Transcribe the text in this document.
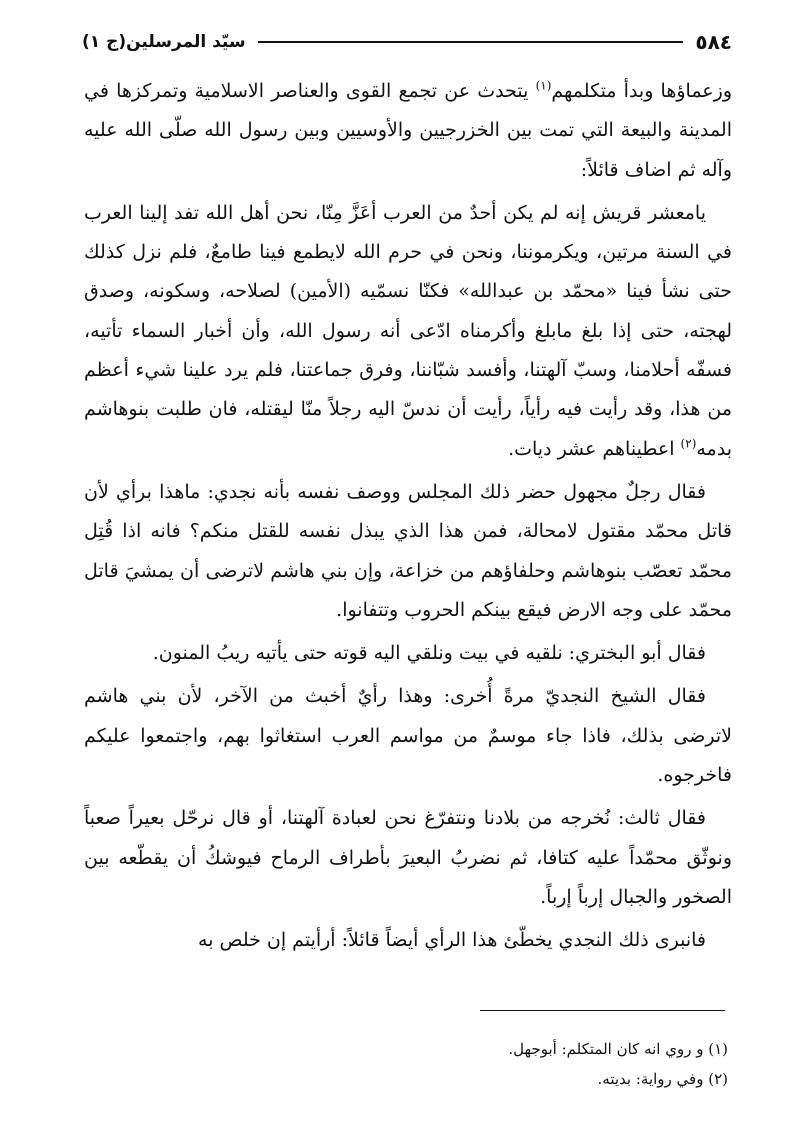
٥٨٤
سيّد المرسلين(ج ١)

وزعماؤها وبدأ متكلمهم$^{(١)}$ يتحدث عن تجمع القوى والعناصر الاسلامية وتمركزها في المدينة والبيعة التي تمت بين الخزرجيين والأوسيين وبين رسول الله صلّى الله عليه وآله ثم اضاف قائلاً:

يامعشر قريش إنه لم يكن أحدٌ من العرب أعَزَّ مِنّا، نحن أهل الله تفد إلينا العرب في السنة مرتين، ويكرموننا، ونحن في حرم الله لايطمع فينا طامعٌ، فلم نزل كذلك حتى نشأ فينا «محمّد بن عبدالله» فكنّا نسمّيه (الأمين) لصلاحه، وسكونه، وصدق لهجته، حتى إذا بلغ مابلغ وأكرمناه ادّعى أنه رسول الله، وأن أخبار السماء تأتيه، فسفّه أحلامنا، وسبّ آلهتنا، وأفسد شبّاننا، وفرق جماعتنا، فلم يرد علينا شيء أعظم من هذا، وقد رأيت فيه رأياً، رأيت أن ندسّ اليه رجلاً منّا ليقتله، فان طلبت بنوهاشم بدمه$^{(٢)}$ اعطيناهم عشر ديات.

فقال رجلٌ مجهول حضر ذلك المجلس ووصف نفسه بأنه نجدي: ماهذا برأي لأن قاتل محمّد مقتول لامحالة، فمن هذا الذي يبذل نفسه للقتل منكم؟ فانه اذا قُتِل محمّد تعصّب بنوهاشم وحلفاؤهم من خزاعة، وإن بني هاشم لاترضى أن يمشيَ قاتل محمّد على وجه الارض فيقع بينكم الحروب وتتفانوا.

فقال أبو البختري: نلقيه في بيت ونلقي اليه قوته حتى يأتيه ريبُ المنون.

فقال الشيخ النجديّ مرةً أُخرى: وهذا رأيٌ أخبث من الآخر، لأن بني هاشم لاترضى بذلك، فاذا جاء موسمٌ من مواسم العرب استغاثوا بهم، واجتمعوا عليكم فاخرجوه.

فقال ثالث: نُخرجه من بلادنا ونتفرّغ نحن لعبادة آلهتنا، أو قال نرحّل بعيراً صعباً ونوثّق محمّداً عليه كتافا، ثم نضربُ البعيرَ بأطراف الرماح فيوشكُ أن يقطّعه بين الصخور والجبال إرباً إرباً.

فانبرى ذلك النجدي يخطّئ هذا الرأي أيضاً قائلاً: أرأيتم إن خلص به

(١) و روي انه كان المتكلم: أبوجهل.

(٢) وفي رواية: بديته.
